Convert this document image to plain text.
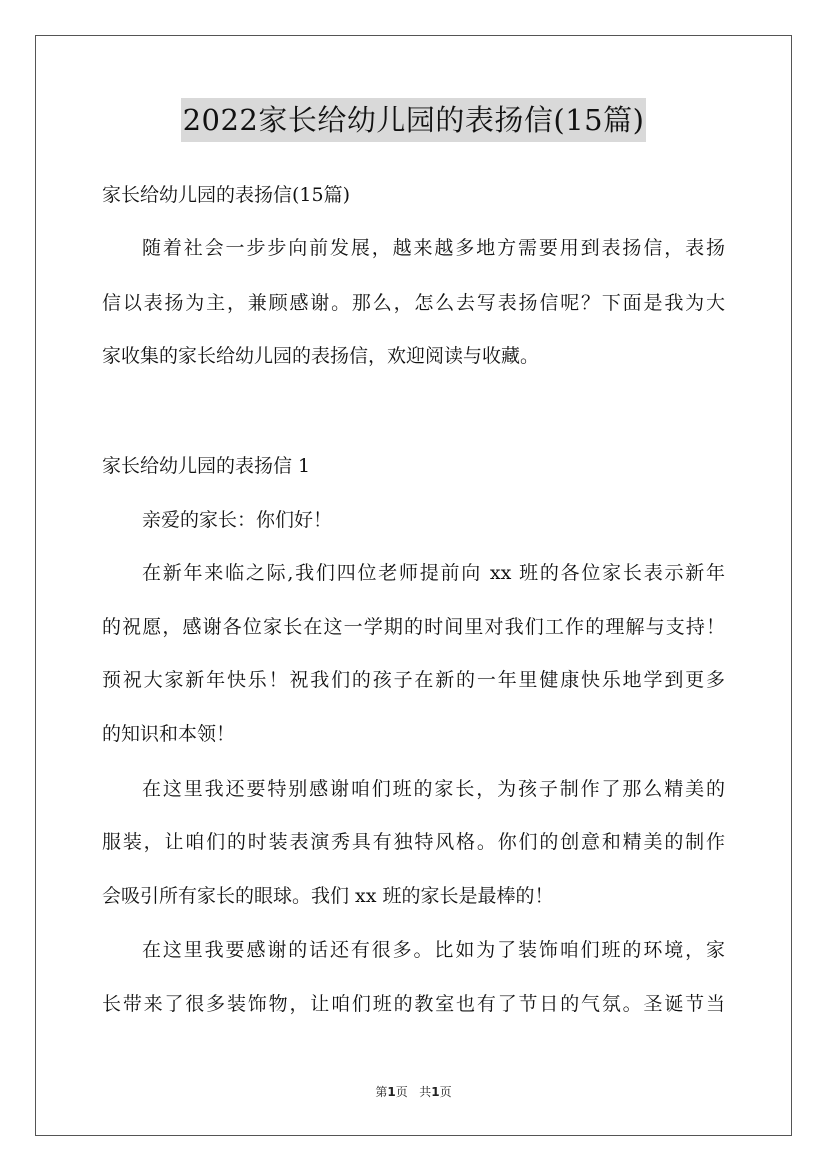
2022家长给幼儿园的表扬信(15篇)
家长给幼儿园的表扬信(15篇)
随着社会一步步向前发展，越来越多地方需要用到表扬信，表扬
信以表扬为主，兼顾感谢。那么，怎么去写表扬信呢？下面是我为大
家收集的家长给幼儿园的表扬信，欢迎阅读与收藏。
家长给幼儿园的表扬信 1
亲爱的家长：你们好！
在新年来临之际,我们四位老师提前向 xx 班的各位家长表示新年
的祝愿，感谢各位家长在这一学期的时间里对我们工作的理解与支持！
预祝大家新年快乐！祝我们的孩子在新的一年里健康快乐地学到更多
的知识和本领！
在这里我还要特别感谢咱们班的家长，为孩子制作了那么精美的
服装，让咱们的时装表演秀具有独特风格。你们的创意和精美的制作
会吸引所有家长的眼球。我们 xx 班的家长是最棒的！
在这里我要感谢的话还有很多。比如为了装饰咱们班的环境，家
长带来了很多装饰物，让咱们班的教室也有了节日的气氛。圣诞节当
第1页 共1页
